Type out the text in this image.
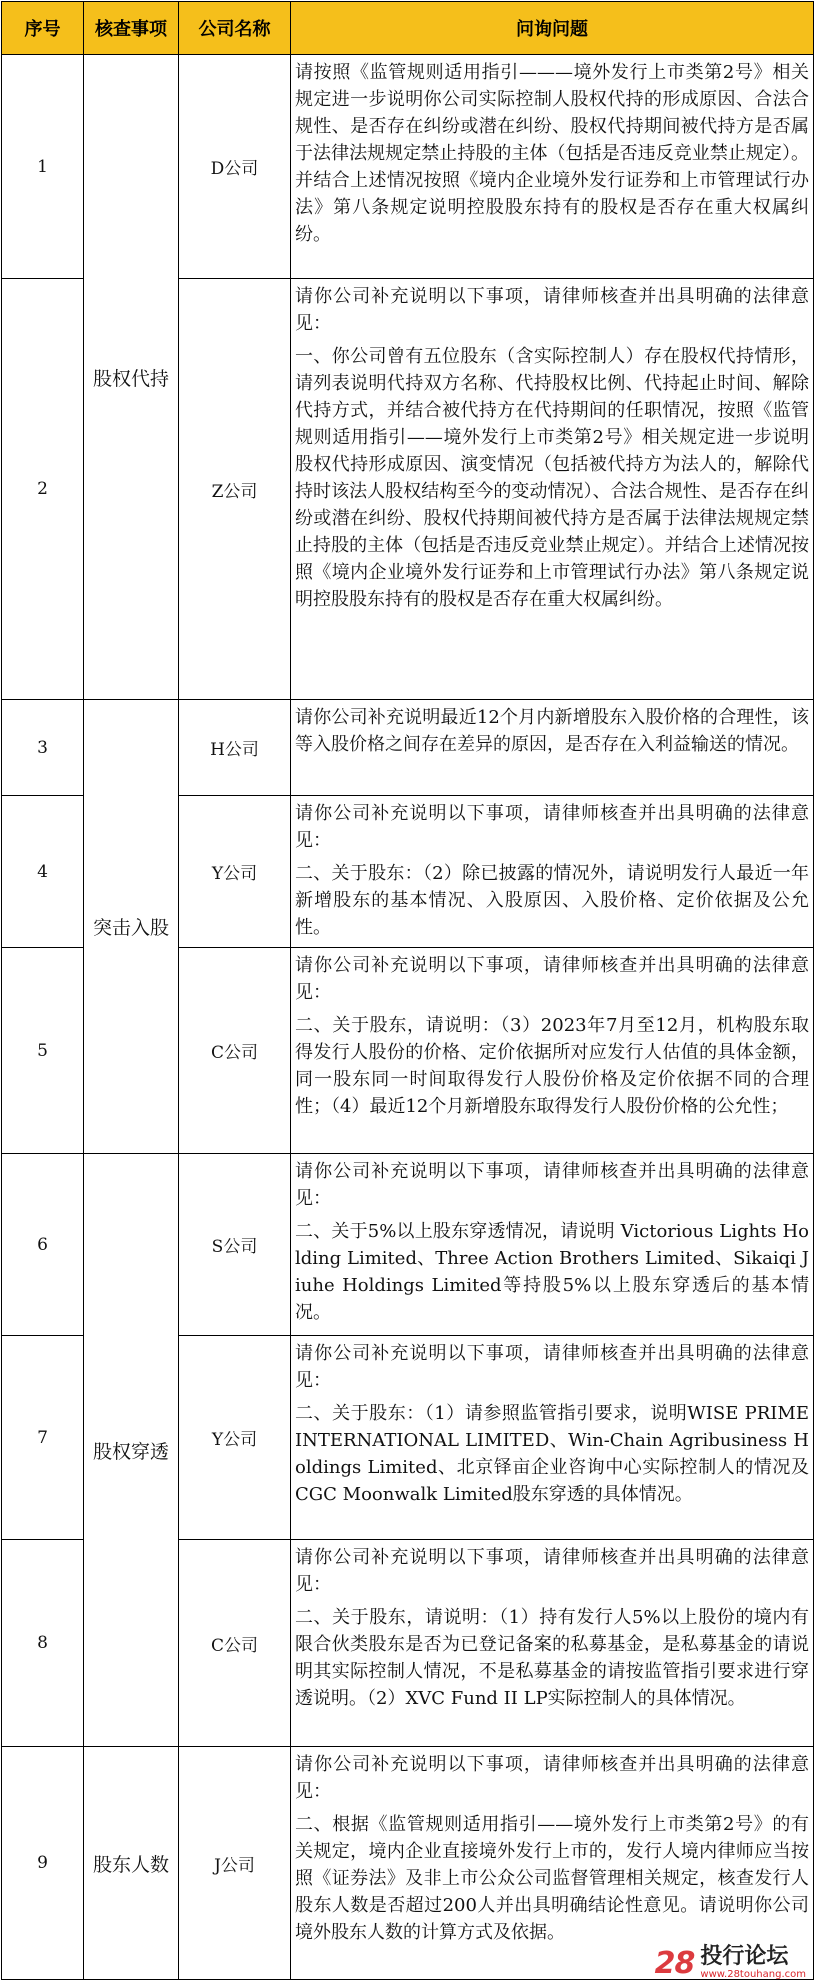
序号	核查事项	公司名称	问询问题
1	股权代持	D公司	请按照《监管规则适用指引———境外发行上市类第2号》相关规定进一步说明你公司实际控制人股权代持的形成原因、合法合规性、是否存在纠纷或潜在纠纷、股权代持期间被代持方是否属于法律法规规定禁止持股的主体（包括是否违反竞业禁止规定）。并结合上述情况按照《境内企业境外发行证券和上市管理试行办法》第八条规定说明控股股东持有的股权是否存在重大权属纠纷。

2		Z公司	请你公司补充说明以下事项，请律师核查并出具明确的法律意见：

一、你公司曾有五位股东（含实际控制人）存在股权代持情形，请列表说明代持双方名称、代持股权比例、代持起止时间、解除代持方式，并结合被代持方在代持期间的任职情况，按照《监管规则适用指引——境外发行上市类第2号》相关规定进一步说明股权代持形成原因、演变情况（包括被代持方为法人的，解除代持时该法人股权结构至今的变动情况）、合法合规性、是否存在纠纷或潜在纠纷、股权代持期间被代持方是否属于法律法规规定禁止持股的主体（包括是否违反竞业禁止规定）。并结合上述情况按照《境内企业境外发行证券和上市管理试行办法》第八条规定说明控股股东持有的股权是否存在重大权属纠纷。

3	突击入股	H公司	请你公司补充说明最近12个月内新增股东入股价格的合理性，该等入股价格之间存在差异的原因，是否存在入利益输送的情况。

4		Y公司	请你公司补充说明以下事项，请律师核查并出具明确的法律意见：

二、关于股东：（2）除已披露的情况外，请说明发行人最近一年新增股东的基本情况、入股原因、入股价格、定价依据及公允性。

5		C公司	请你公司补充说明以下事项，请律师核查并出具明确的法律意见：

二、关于股东，请说明：（3）2023年7月至12月，机构股东取得发行人股份的价格、定价依据所对应发行人估值的具体金额，同一股东同一时间取得发行人股份价格及定价依据不同的合理性；（4）最近12个月新增股东取得发行人股份价格的公允性；

6	股权穿透	S公司	请你公司补充说明以下事项，请律师核查并出具明确的法律意见：

二、关于5%以上股东穿透情况，请说明 Victorious Lights Holding Limited、Three Action Brothers Limited、Sikaiqi Jiuhe Holdings Limited等持股5%以上股东穿透后的基本情况。

7		Y公司	请你公司补充说明以下事项，请律师核查并出具明确的法律意见：

二、关于股东：（1）请参照监管指引要求，说明WISE PRIME INTERNATIONAL LIMITED、Win-Chain Agribusiness Holdings Limited、北京铎亩企业咨询中心实际控制人的情况及CGC Moonwalk Limited股东穿透的具体情况。

8		C公司	请你公司补充说明以下事项，请律师核查并出具明确的法律意见：

二、关于股东，请说明：（1）持有发行人5%以上股份的境内有限合伙类股东是否为已登记备案的私募基金，是私募基金的请说明其实际控制人情况，不是私募基金的请按监管指引要求进行穿透说明。（2）XVC Fund II LP实际控制人的具体情况。

9	股东人数	J公司	请你公司补充说明以下事项，请律师核查并出具明确的法律意见：

二、根据《监管规则适用指引——境外发行上市类第2号》的有关规定，境内企业直接境外发行上市的，发行人境内律师应当按照《证券法》及非上市公众公司监督管理相关规定，核查发行人股东人数是否超过200人并出具明确结论性意见。请说明你公司境外股东人数的计算方式及依据。

28 投行论坛
www.28touhang.com
